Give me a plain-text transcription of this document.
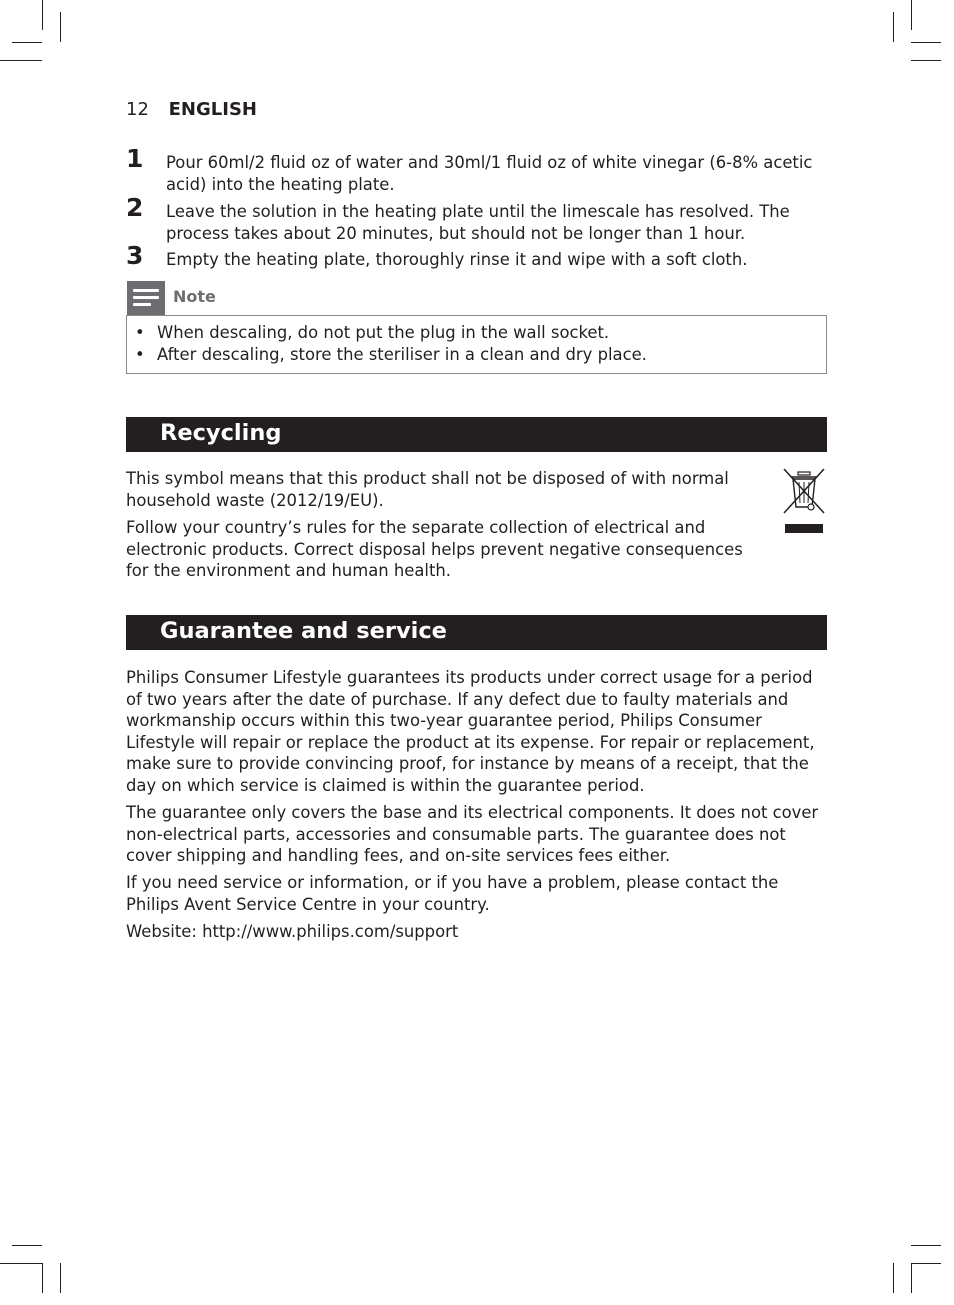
12 ENGLISH
1 Pour 60ml/2 fluid oz of water and 30ml/1 fluid oz of white vinegar (6-8% acetic acid) into the heating plate.
2 Leave the solution in the heating plate until the limescale has resolved. The process takes about 20 minutes, but should not be longer than 1 hour.
3 Empty the heating plate, thoroughly rinse it and wipe with a soft cloth.
Note
• When descaling, do not put the plug in the wall socket.
• After descaling, store the steriliser in a clean and dry place.
Recycling
This symbol means that this product shall not be disposed of with normal household waste (2012/19/EU).
Follow your country’s rules for the separate collection of electrical and electronic products. Correct disposal helps prevent negative consequences for the environment and human health.
Guarantee and service
Philips Consumer Lifestyle guarantees its products under correct usage for a period of two years after the date of purchase. If any defect due to faulty materials and workmanship occurs within this two-year guarantee period, Philips Consumer Lifestyle will repair or replace the product at its expense. For repair or replacement, make sure to provide convincing proof, for instance by means of a receipt, that the day on which service is claimed is within the guarantee period.
The guarantee only covers the base and its electrical components. It does not cover non-electrical parts, accessories and consumable parts. The guarantee does not cover shipping and handling fees, and on-site services fees either.
If you need service or information, or if you have a problem, please contact the Philips Avent Service Centre in your country.
Website: http://www.philips.com/support
